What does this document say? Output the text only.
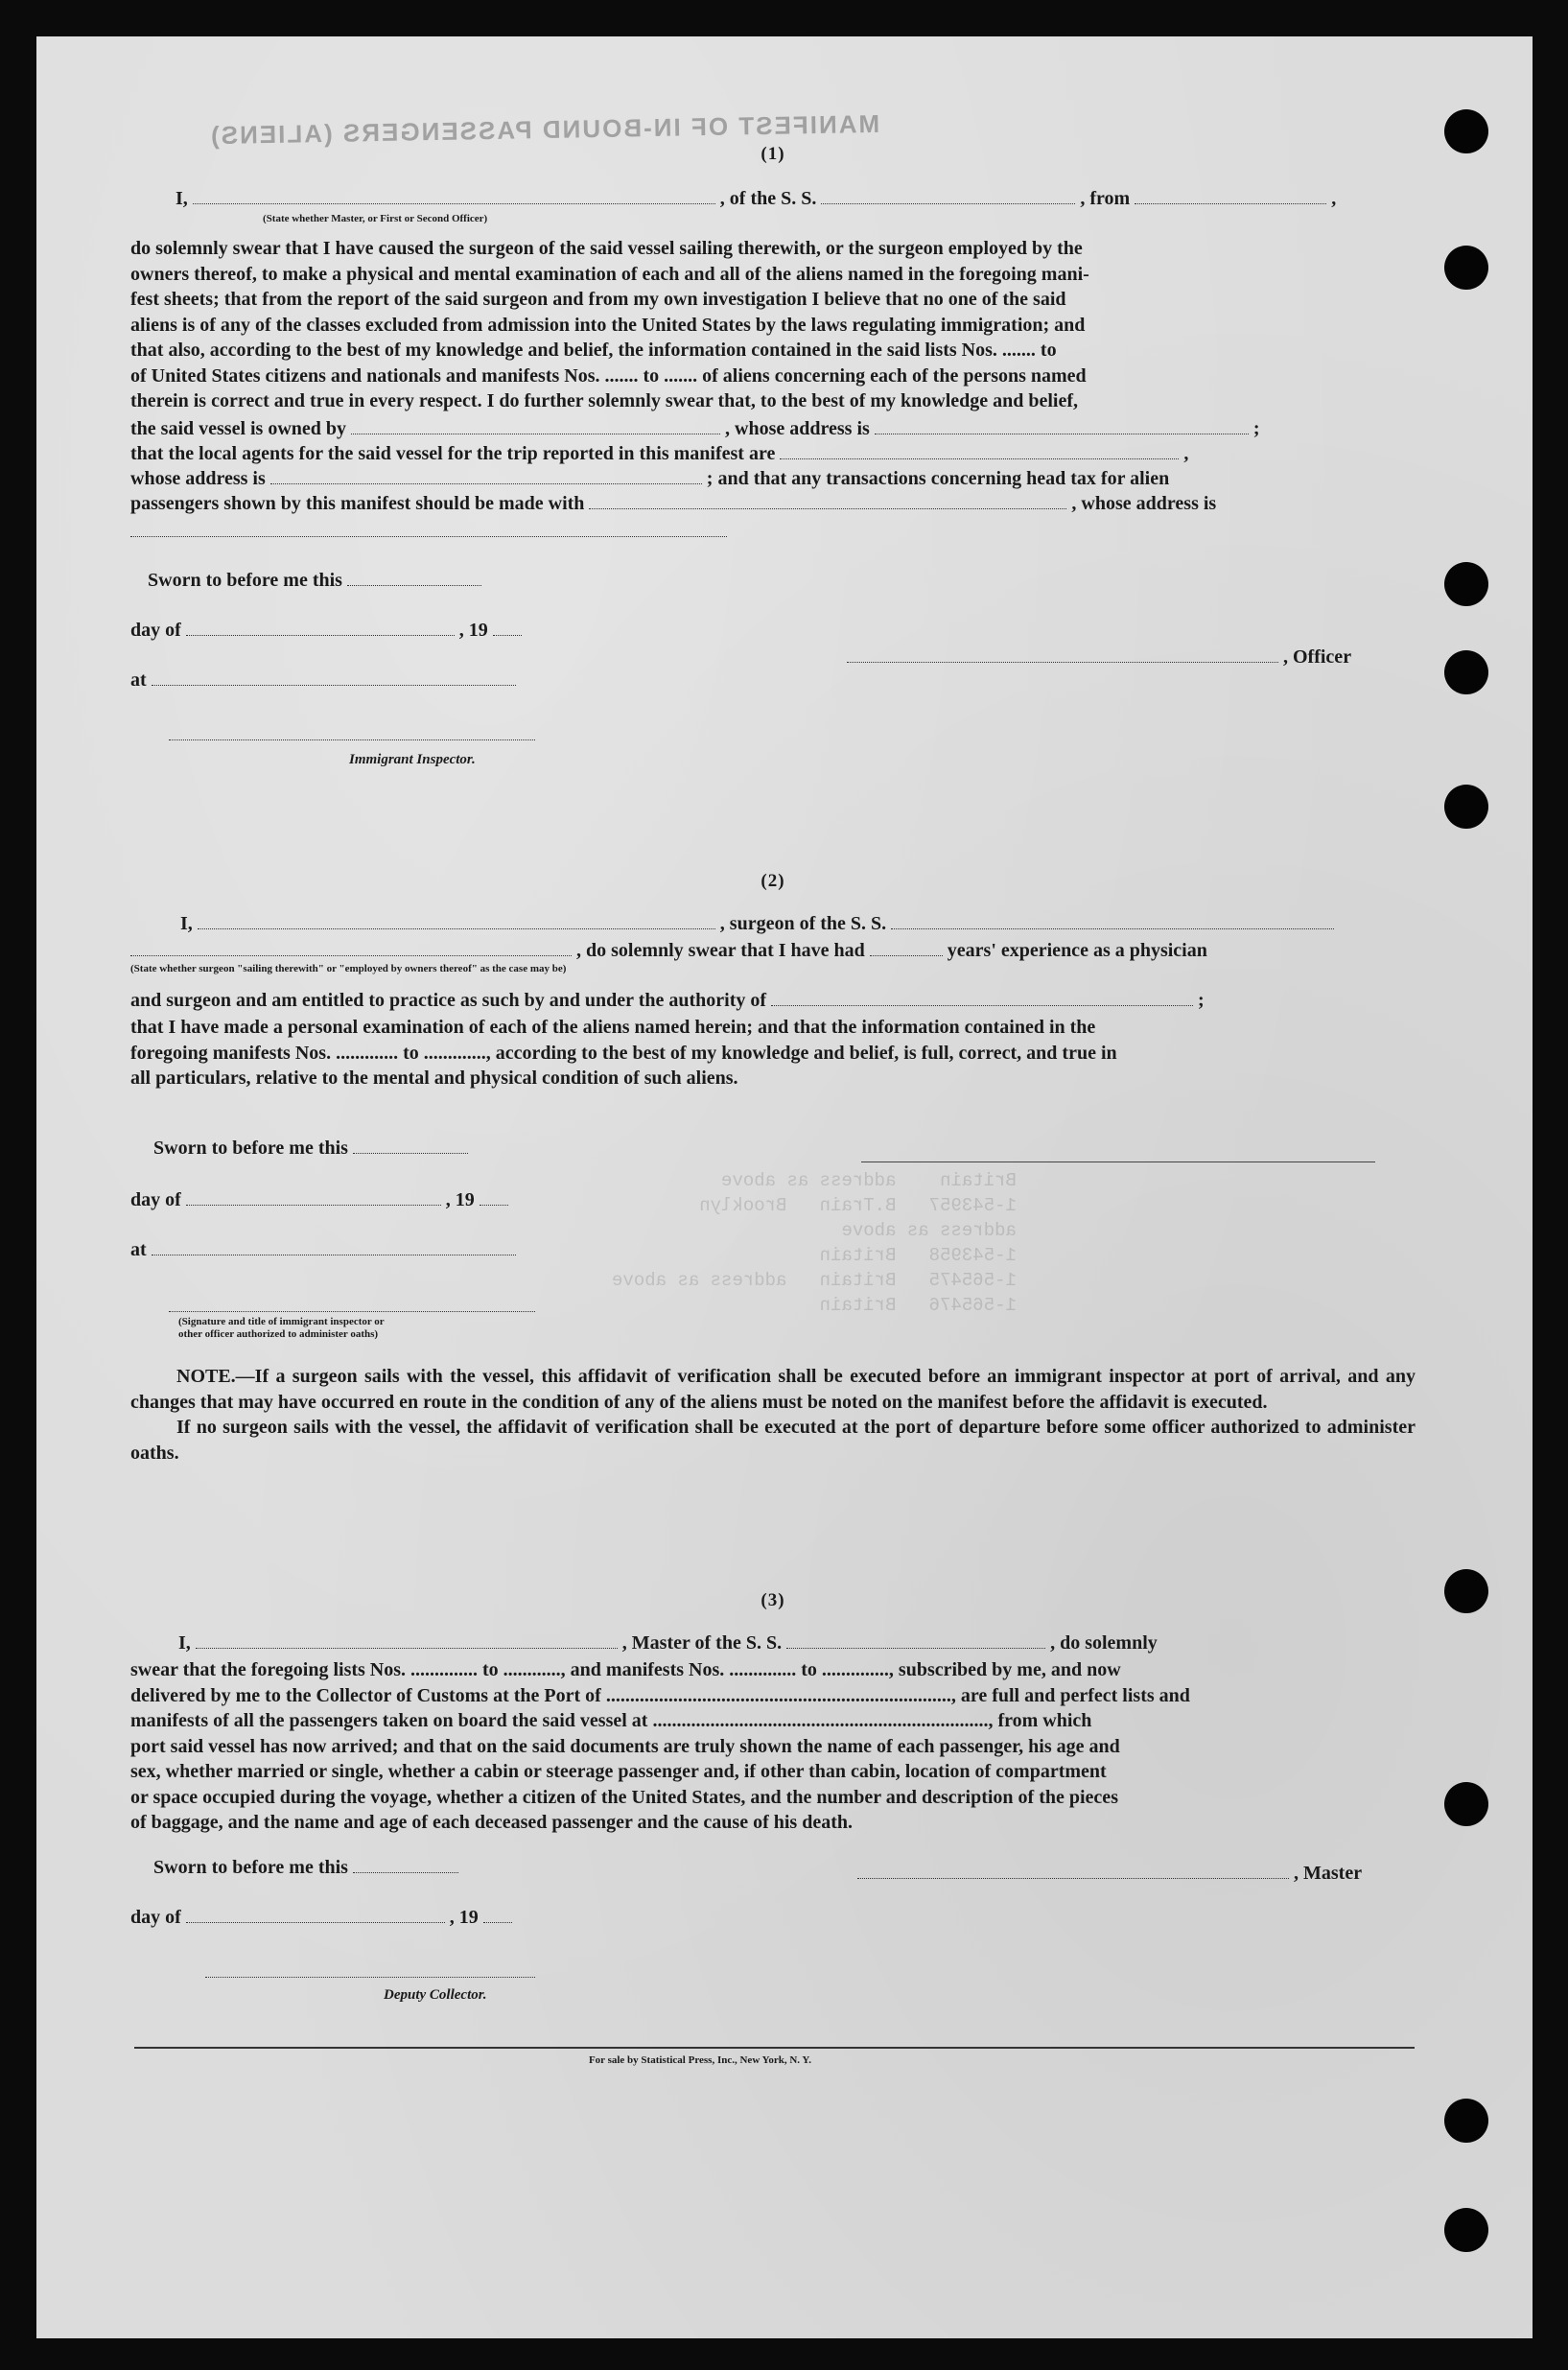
MANIFEST OF IN-BOUND PASSENGERS (ALIENS)
Britain    address as above
1-543957   B.Train   Brooklyn
address as above
1-543958   Britain
1-565475   Britain   address as above
1-565476   Britain
(1)
I,	, of the S. S.	, from	,
(State whether Master, or First or Second Officer)

do solemnly swear that I have caused the surgeon of the said vessel sailing therewith, or the surgeon employed by the

owners thereof, to make a physical and mental examination of each and all of the aliens named in the foregoing mani-

fest sheets; that from the report of the said surgeon and from my own investigation I believe that no one of the said

aliens is of any of the classes excluded from admission into the United States by the laws regulating immigration; and

that also, according to the best of my knowledge and belief, the information contained in the said lists Nos. ....... to

of United States citizens and nationals and manifests Nos. ....... to ....... of aliens concerning each of the persons named

therein is correct and true in every respect. I do further solemnly swear that, to the best of my knowledge and belief,

the said vessel is owned by	, whose address is	;
that the local agents for the said vessel for the trip reported in this manifest are	,
whose address is	; and that any transactions concerning head tax for alien
passengers shown by this manifest should be made with	, whose address is
Sworn to before me this
day of	, 19
at
Immigrant Inspector.
, Officer
(2)
I,	, surgeon of the S. S.
, do solemnly swear that I have had	years' experience as a physician
(State whether surgeon "sailing therewith" or "employed by owners thereof" as the case may be)
and surgeon and am entitled to practice as such by and under the authority of	;

that I have made a personal examination of each of the aliens named herein; and that the information contained in the

foregoing manifests Nos. ............. to ............., according to the best of my knowledge and belief, is full, correct, and true in

all particulars, relative to the mental and physical condition of such aliens.

Sworn to before me this
day of	, 19
at
(Signature and title of immigrant inspector or
other officer authorized to administer oaths)

NOTE.—If a surgeon sails with the vessel, this affidavit of verification shall be executed before an immigrant inspector at port of arrival, and any changes that may have occurred en route in the condition of any of the aliens must be noted on the manifest before the affidavit is executed.

If no surgeon sails with the vessel, the affidavit of verification shall be executed at the port of departure before some officer authorized to administer oaths.

(3)
I,	, Master of the S. S.	, do solemnly

swear that the foregoing lists Nos. .............. to ............, and manifests Nos. .............. to .............., subscribed by me, and now

delivered by me to the Collector of Customs at the Port of ........................................................................, are full and perfect lists and

manifests of all the passengers taken on board the said vessel at ......................................................................, from which

port said vessel has now arrived; and that on the said documents are truly shown the name of each passenger, his age and

sex, whether married or single, whether a cabin or steerage passenger and, if other than cabin, location of compartment

or space occupied during the voyage, whether a citizen of the United States, and the number and description of the pieces

of baggage, and the name and age of each deceased passenger and the cause of his death.

Sworn to before me this
day of	, 19
, Master
Deputy Collector.
For sale by Statistical Press, Inc., New York, N. Y.
